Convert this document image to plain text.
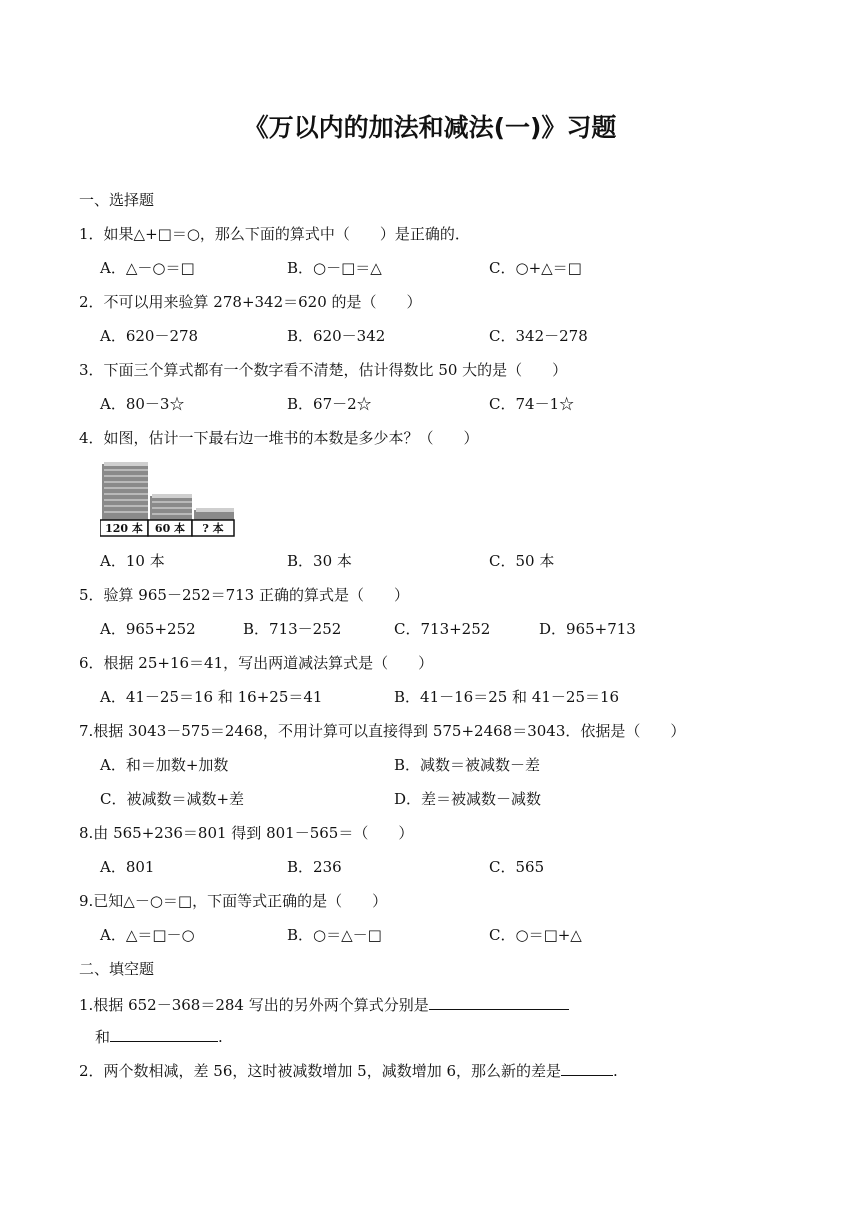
《万以内的加法和减法(一)》习题
一、选择题
1．如果△+□＝○，那么下面的算式中（　　）是正确的．
A．△－○＝□	B．○－□＝△	C．○+△＝□
2．不可以用来验算 278+342＝620 的是（　　）
A．620－278	B．620－342	C．342－278
3．下面三个算式都有一个数字看不清楚，估计得数比 50 大的是（　　）
A．80－3☆	B．67－2☆	C．74－1☆
4．如图，估计一下最右边一堆书的本数是多少本？（　　）
120 本 60 本 ? 本
A．10 本	B．30 本	C．50 本
5．验算 965－252＝713 正确的算式是（　　）
A．965+252	B．713－252	C．713+252	D．965+713
6．根据 25+16＝41，写出两道减法算式是（　　）
A．41－25＝16 和 16+25＝41	B．41－16＝25 和 41－25＝16
7.根据 3043－575＝2468，不用计算可以直接得到 575+2468＝3043．依据是（　　）
A．和＝加数+加数	B．减数＝被减数－差
C．被减数＝减数+差	D．差＝被减数－减数
8.由 565+236＝801 得到 801－565＝（　　）
A．801	B．236	C．565
9.已知△－○＝□，下面等式正确的是（　　）
A．△＝□－○	B．○＝△－□	C．○＝□+△
二、填空题
1.根据 652－368＝284 写出的另外两个算式分别是
和	.
2．两个数相减，差 56，这时被减数增加 5，减数增加 6，那么新的差是	.
